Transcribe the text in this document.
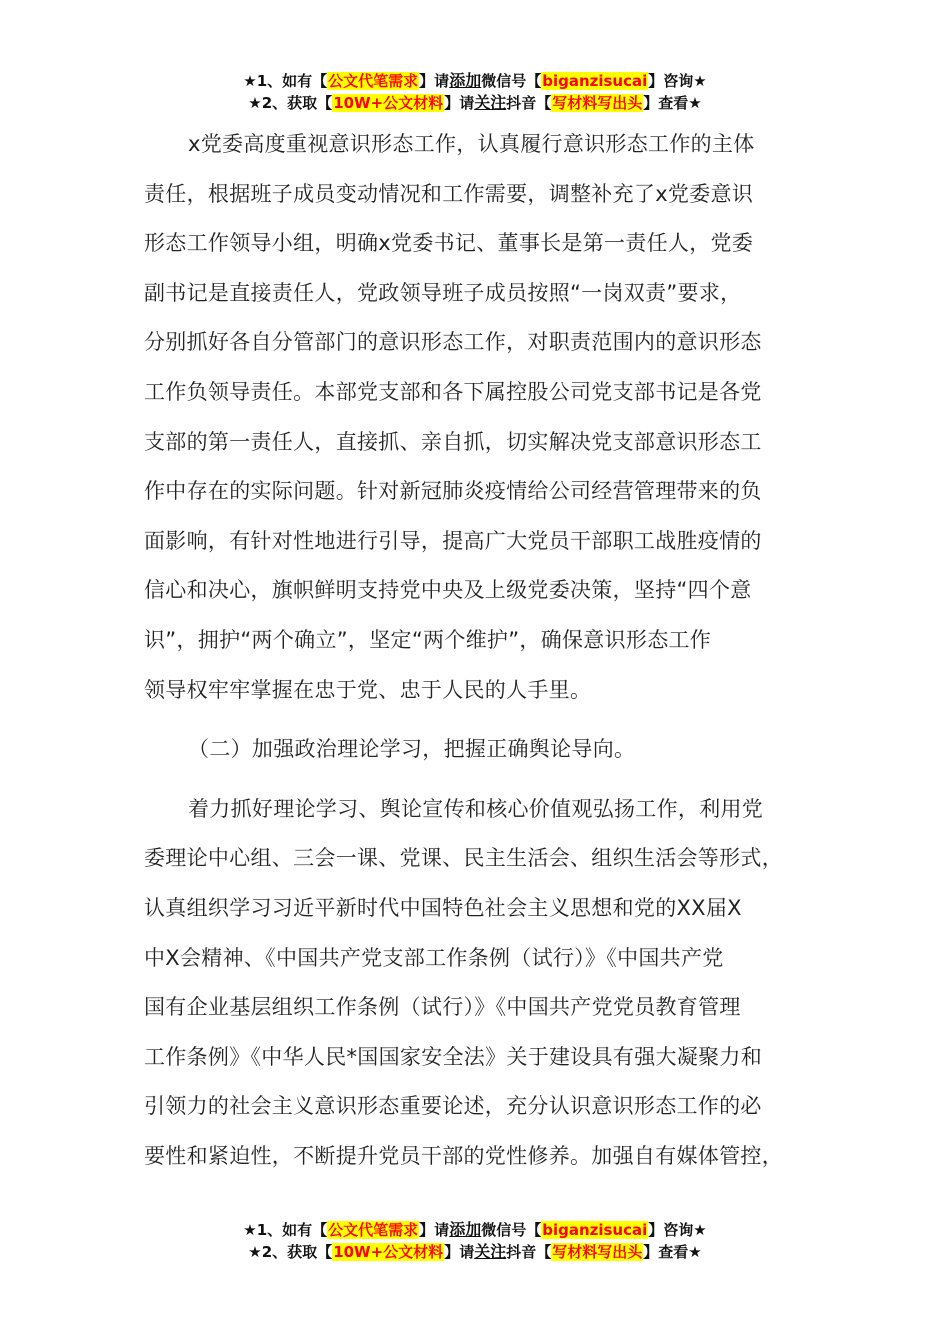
★1、如有【公文代笔需求】请添加微信号【biganzisucai】咨询★
★2、获取【10W+公文材料】请关注抖音【写材料写出头】查看★

x党委高度重视意识形态工作，认真履行意识形态工作的主体
责任，根据班子成员变动情况和工作需要，调整补充了x党委意识
形态工作领导小组，明确x党委书记、董事长是第一责任人，党委
副书记是直接责任人，党政领导班子成员按照“一岗双责”要求，
分别抓好各自分管部门的意识形态工作，对职责范围内的意识形态
工作负领导责任。本部党支部和各下属控股公司党支部书记是各党
支部的第一责任人，直接抓、亲自抓，切实解决党支部意识形态工
作中存在的实际问题。针对新冠肺炎疫情给公司经营管理带来的负
面影响，有针对性地进行引导，提高广大党员干部职工战胜疫情的
信心和决心，旗帜鲜明支持党中央及上级党委决策，坚持“四个意
识”，拥护“两个确立”，坚定“两个维护”，确保意识形态工作
领导权牢牢掌握在忠于党、忠于人民的人手里。

（二）加强政治理论学习，把握正确舆论导向。

着力抓好理论学习、舆论宣传和核心价值观弘扬工作，利用党
委理论中心组、三会一课、党课、民主生活会、组织生活会等形式，
认真组织学习习近平新时代中国特色社会主义思想和党的XX届X
中X会精神、《中国共产党支部工作条例（试行）》《中国共产党
国有企业基层组织工作条例（试行）》《中国共产党党员教育管理
工作条例》《中华人民*国国家安全法》关于建设具有强大凝聚力和
引领力的社会主义意识形态重要论述，充分认识意识形态工作的必
要性和紧迫性，不断提升党员干部的党性修养。加强自有媒体管控，

★1、如有【公文代笔需求】请添加微信号【biganzisucai】咨询★
★2、获取【10W+公文材料】请关注抖音【写材料写出头】查看★
